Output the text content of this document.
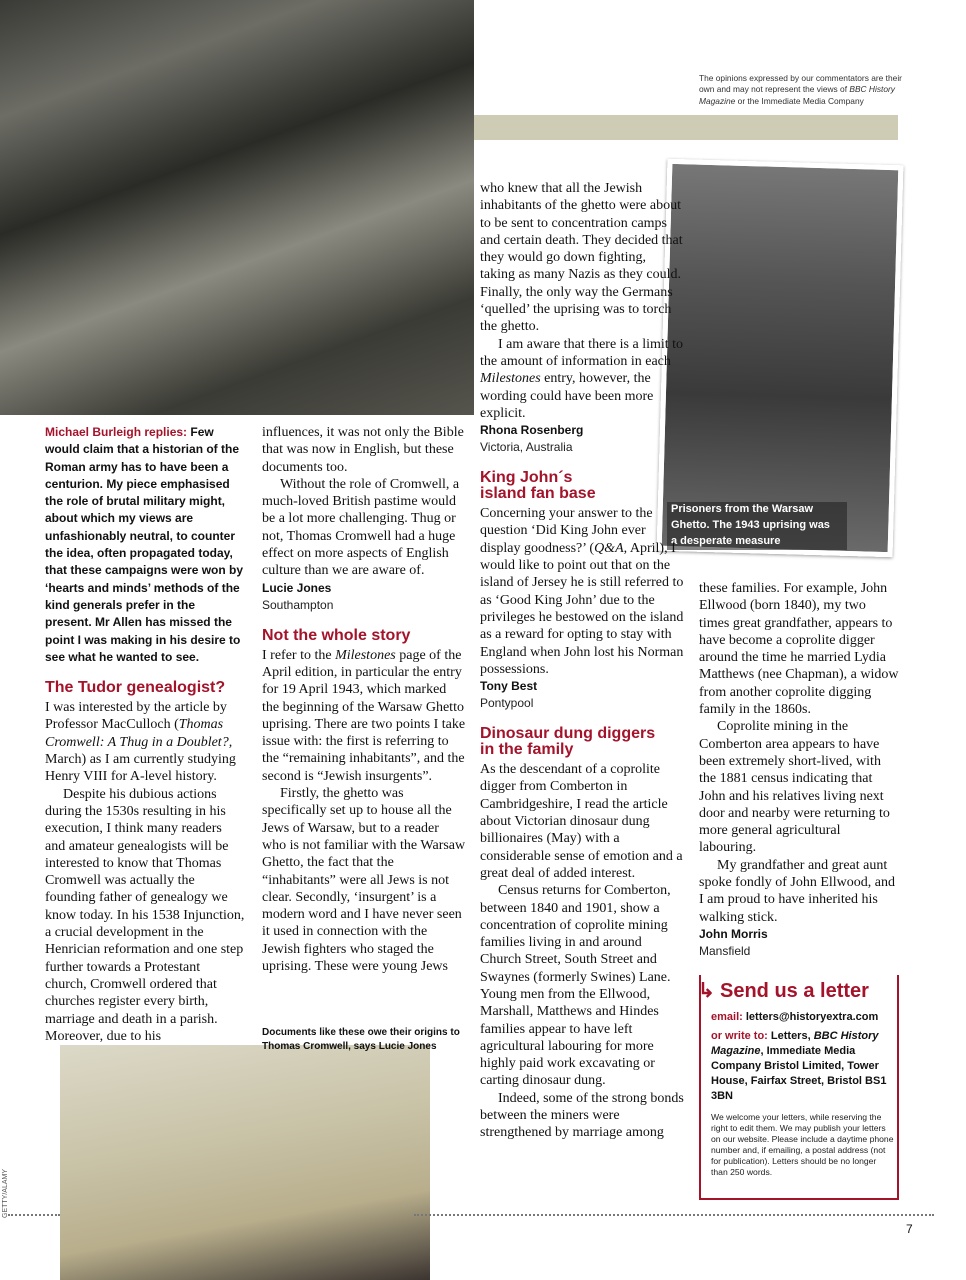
Prisoners from the Warsaw
Ghetto. The 1943 uprising was
a desperate measure
The opinions expressed by our commentators are their own and may not represent the views of BBC History Magazine or the Immediate Media Company
Michael Burleigh replies: Few would claim that a historian of the Roman army has to have been a centurion. My piece emphasised the role of brutal military might, about which my views are unfashionably neutral, to counter the idea, often propagated today, that these campaigns were won by ‘hearts and minds’ methods of the kind generals prefer in the present. Mr Allen has missed the point I was making in his desire to see what he wanted to see.
The Tudor genealogist?

I was interested by the article by Professor MacCulloch (Thomas Cromwell: A Thug in a Doublet?, March) as I am currently studying Henry VIII for A-level history.

Despite his dubious actions during the 1530s resulting in his execution, I think many readers and amateur genealogists will be interested to know that Thomas Cromwell was actually the founding father of genealogy we know today. In his 1538 Injunction, a crucial development in the Henrician reformation and one step further towards a Protestant church, Cromwell ordered that churches register every birth, marriage and death in a parish. Moreover, due to his

influences, it was not only the Bible that was now in English, but these documents too.

Without the role of Cromwell, a much-loved British pastime would be a lot more challenging. Thug or not, Thomas Cromwell had a huge effect on more aspects of English culture than we are aware of.

Lucie Jones
Southampton
Not the whole story

I refer to the Milestones page of the April edition, in particular the entry for 19 April 1943, which marked the beginning of the Warsaw Ghetto uprising. There are two points I take issue with: the first is referring to the “remaining inhabitants”, and the second is “Jewish insurgents”.

Firstly, the ghetto was specifically set up to house all the Jews of Warsaw, but to a reader who is not familiar with the Warsaw Ghetto, the fact that the “inhabitants” were all Jews is not clear. Secondly, ‘insurgent’ is a modern word and I have never seen it used in connection with the Jewish fighters who staged the uprising. These were young Jews

Documents like these owe their origins to Thomas Cromwell, says Lucie Jones

who knew that all the Jewish inhabitants of the ghetto were about to be sent to concentration camps and certain death. They decided that they would go down fighting, taking as many Nazis as they could. Finally, the only way the Germans ‘quelled’ the uprising was to torch the ghetto.

I am aware that there is a limit to the amount of information in each Milestones entry, however, the wording could have been more explicit.

Rhona Rosenberg
Victoria, Australia
King John´s
island fan base

Concerning your answer to the question ‘Did King John ever display goodness?’ (Q&A, April), I would like to point out that on the island of Jersey he is still referred to as ‘Good King John’ due to the privileges he bestowed on the island as a reward for opting to stay with England when John lost his Norman possessions.

Tony Best
Pontypool
Dinosaur dung diggers
in the family

As the descendant of a coprolite digger from Comberton in Cambridgeshire, I read the article about Victorian dinosaur dung billionaires (May) with a considerable sense of emotion and a great deal of added interest.

Census returns for Comberton, between 1840 and 1901, show a concentration of coprolite mining families living in and around Church Street, South Street and Swaynes (formerly Swines) Lane. Young men from the Ellwood, Marshall, Matthews and Hindes families appear to have left agricultural labouring for more highly paid work excavating or carting dinosaur dung.

Indeed, some of the strong bonds between the miners were strengthened by marriage among

these families. For example, John Ellwood (born 1840), my two times great grandfather, appears to have become a coprolite digger around the time he married Lydia Matthews (nee Chapman), a widow from another coprolite digging family in the 1860s.

Coprolite mining in the Comberton area appears to have been extremely short-lived, with the 1881 census indicating that John and his relatives living next door and nearby were returning to more general agricultural labouring.

My grandfather and great aunt spoke fondly of John Ellwood, and I am proud to have inherited his walking stick.

John Morris
Mansfield
↳ Send us a letter

email: letters@historyextra.com

or write to: Letters, BBC History Magazine, Immediate Media Company Bristol Limited, Tower House, Fairfax Street, Bristol BS1 3BN

We welcome your letters, while reserving the right to edit them. We may publish your letters on our website. Please include a daytime phone number and, if emailing, a postal address (not for publication). Letters should be no longer than 250 words.

GETTY/ALAMY
7
